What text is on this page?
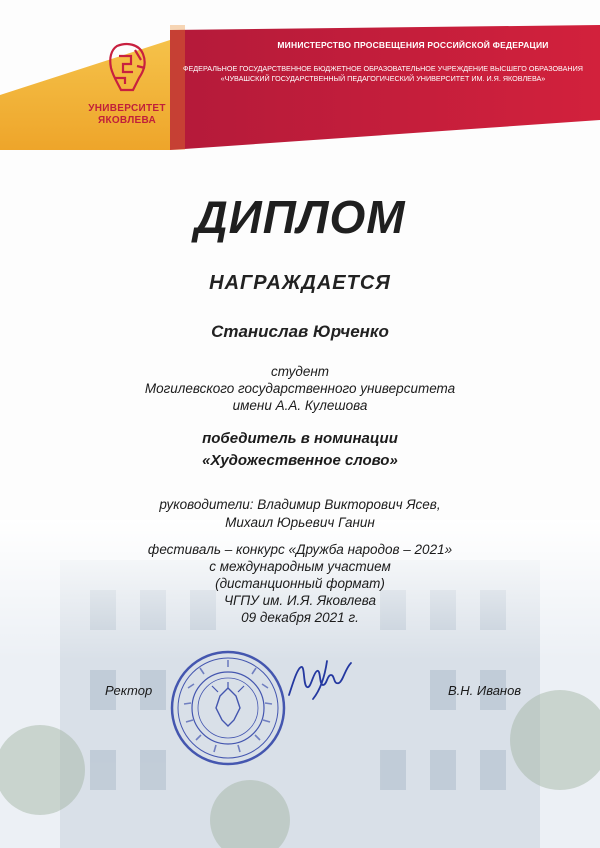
УНИВЕРСИТЕТ
ЯКОВЛЕВА
МИНИСТЕРСТВО ПРОСВЕЩЕНИЯ РОССИЙСКОЙ ФЕДЕРАЦИИ
ФЕДЕРАЛЬНОЕ ГОСУДАРСТВЕННОЕ БЮДЖЕТНОЕ ОБРАЗОВАТЕЛЬНОЕ УЧРЕЖДЕНИЕ ВЫСШЕГО ОБРАЗОВАНИЯ
«ЧУВАШСКИЙ ГОСУДАРСТВЕННЫЙ ПЕДАГОГИЧЕСКИЙ УНИВЕРСИТЕТ ИМ. И.Я. ЯКОВЛЕВА»
ДИПЛОМ
НАГРАЖДАЕТСЯ
Станислав Юрченко
студент
Могилевского государственного университета
имени А.А. Кулешова
победитель в номинации
«Художественное слово»
руководители: Владимир Викторович Ясев,
Михаил Юрьевич Ганин
фестиваль – конкурс «Дружба народов – 2021»
с международным участием
(дистанционный формат)
ЧГПУ им. И.Я. Яковлева
09 декабря 2021 г.
Ректор	В.Н. Иванов
